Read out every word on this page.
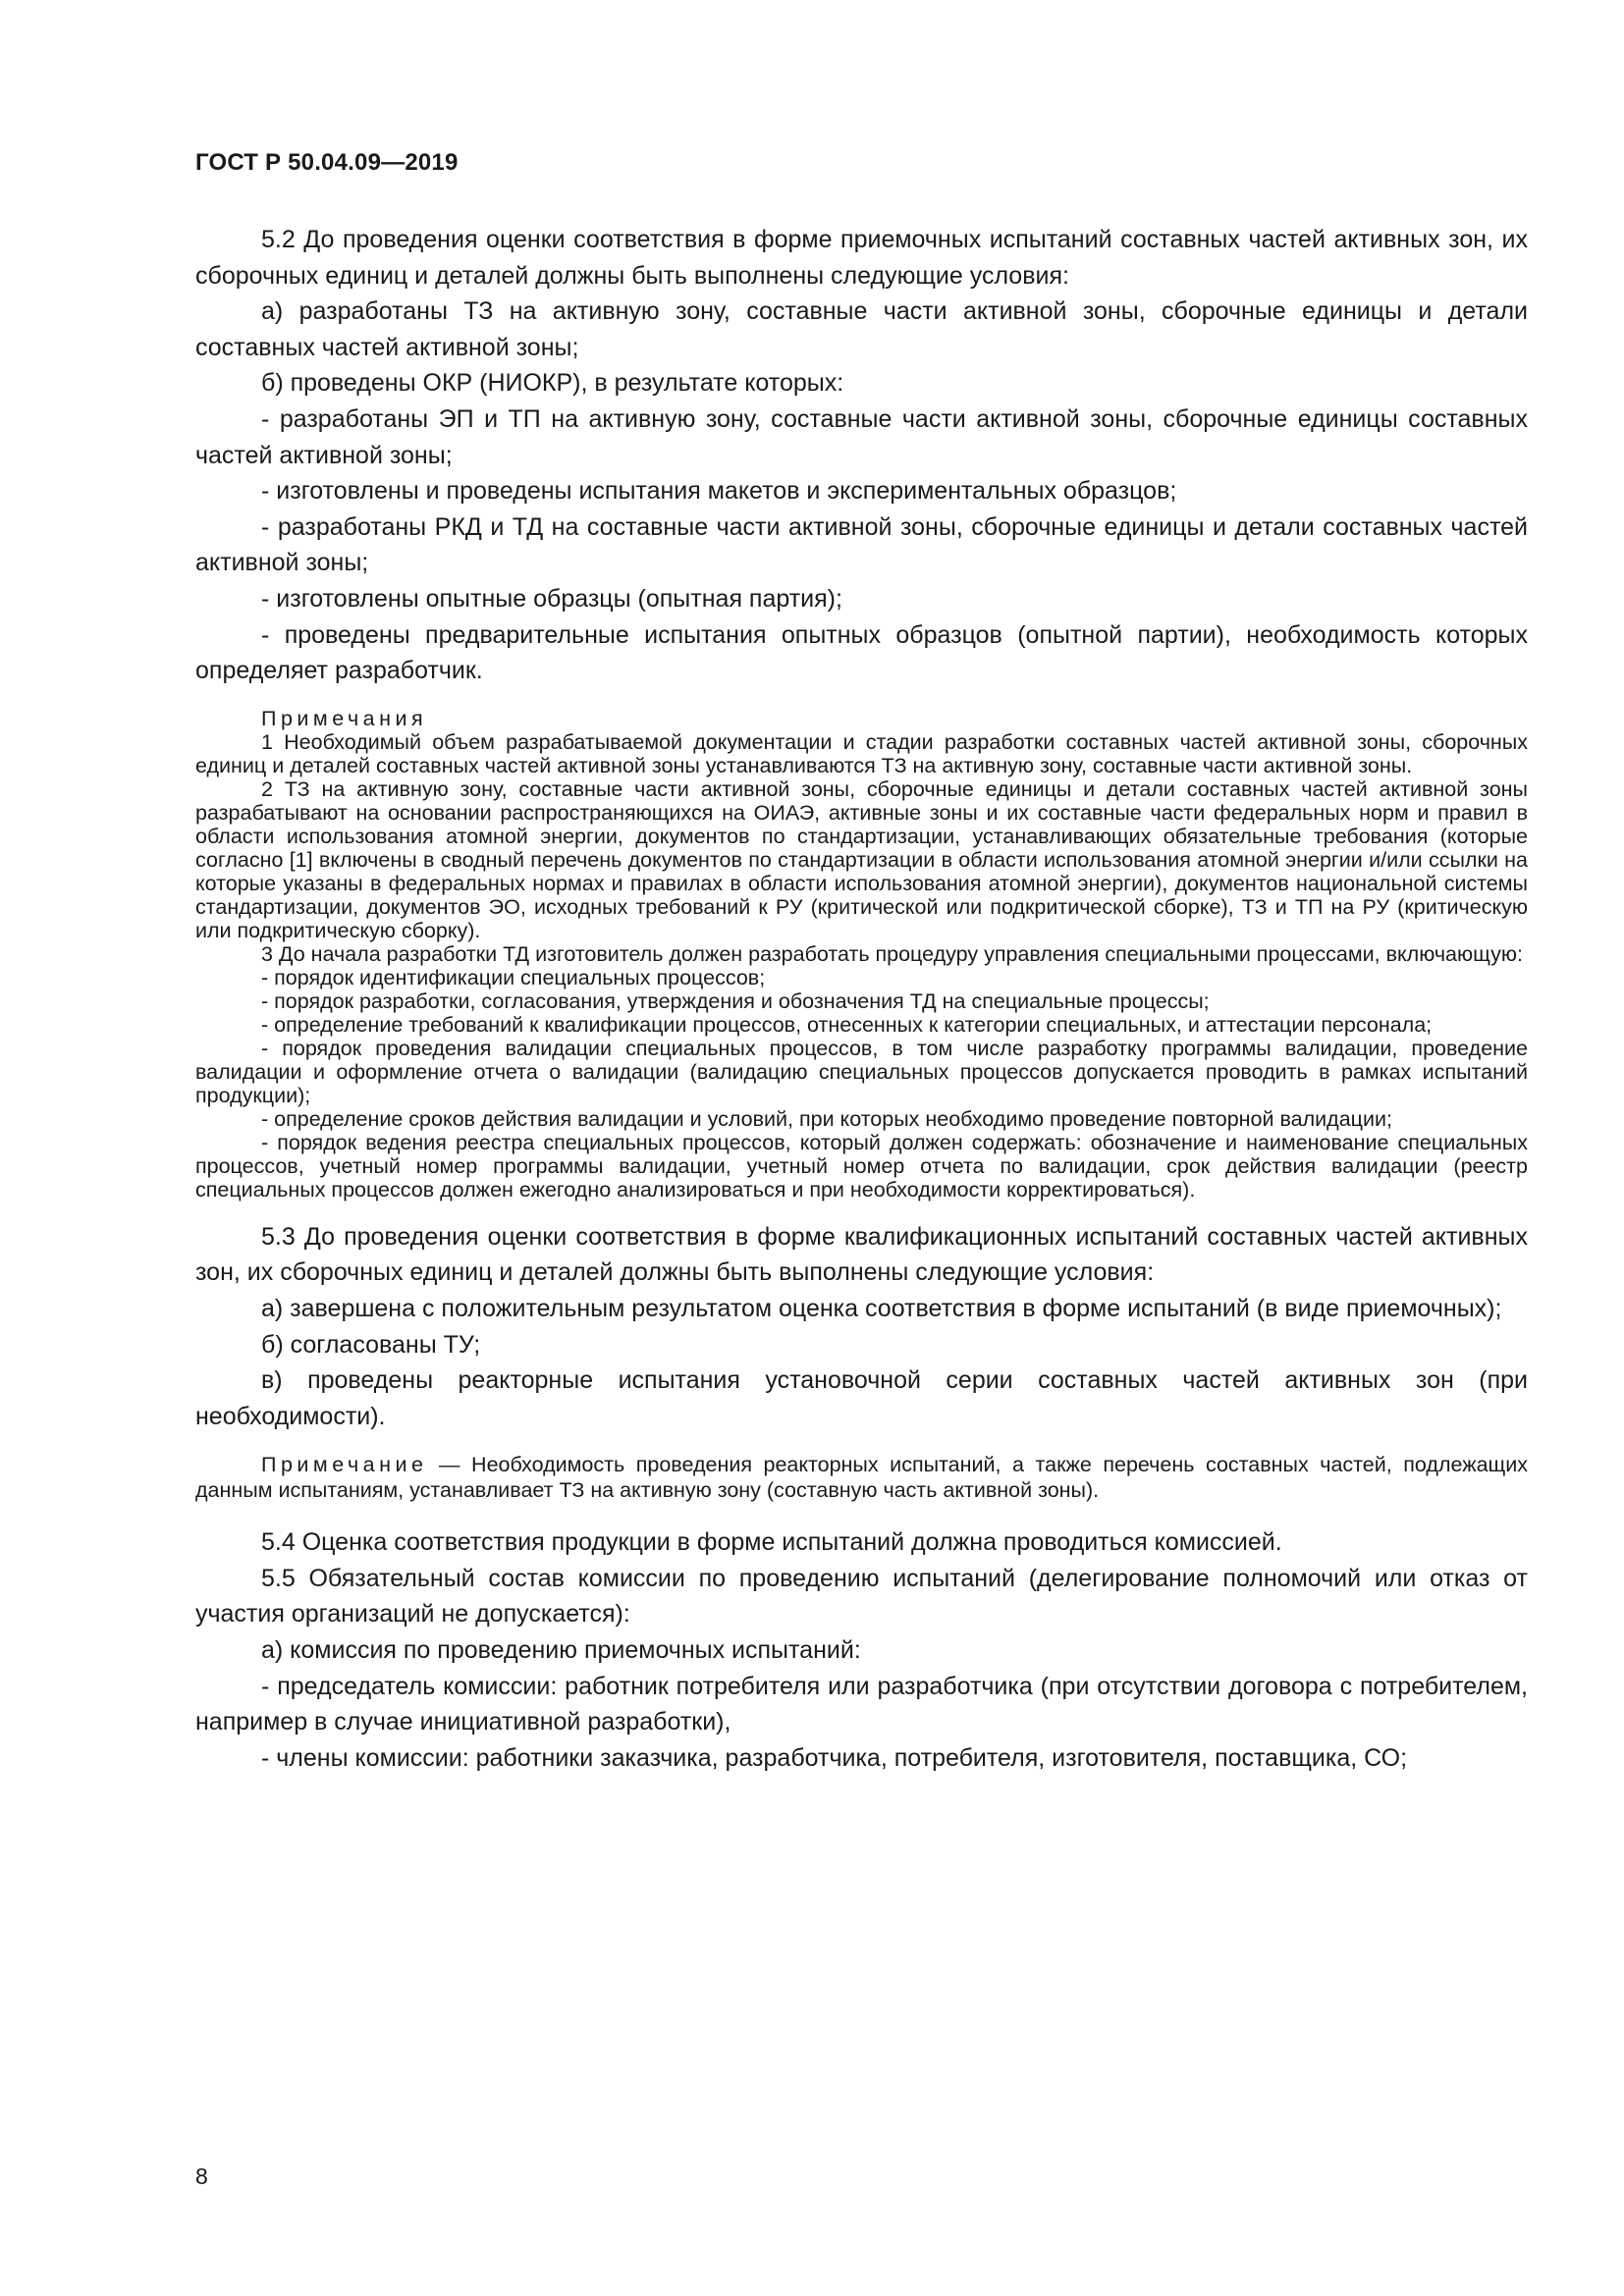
ГОСТ Р 50.04.09—2019

5.2 До проведения оценки соответствия в форме приемочных испытаний составных частей активных зон, их сборочных единиц и деталей должны быть выполнены следующие условия:

а) разработаны ТЗ на активную зону, составные части активной зоны, сборочные единицы и детали составных частей активной зоны;

б) проведены ОКР (НИОКР), в результате которых:

- разработаны ЭП и ТП на активную зону, составные части активной зоны, сборочные единицы составных частей активной зоны;

- изготовлены и проведены испытания макетов и экспериментальных образцов;

- разработаны РКД и ТД на составные части активной зоны, сборочные единицы и детали составных частей активной зоны;

- изготовлены опытные образцы (опытная партия);

- проведены предварительные испытания опытных образцов (опытной партии), необходимость которых определяет разработчик.

Примечания

1 Необходимый объем разрабатываемой документации и стадии разработки составных частей активной зоны, сборочных единиц и деталей составных частей активной зоны устанавливаются ТЗ на активную зону, составные части активной зоны.

2 ТЗ на активную зону, составные части активной зоны, сборочные единицы и детали составных частей активной зоны разрабатывают на основании распространяющихся на ОИАЭ, активные зоны и их составные части федеральных норм и правил в области использования атомной энергии, документов по стандартизации, устанавливающих обязательные требования (которые согласно [1] включены в сводный перечень документов по стандартизации в области использования атомной энергии и/или ссылки на которые указаны в федеральных нормах и правилах в области использования атомной энергии), документов национальной системы стандартизации, документов ЭО, исходных требований к РУ (критической или подкритической сборке), ТЗ и ТП на РУ (критическую или подкритическую сборку).

3 До начала разработки ТД изготовитель должен разработать процедуру управления специальными процессами, включающую:

- порядок идентификации специальных процессов;

- порядок разработки, согласования, утверждения и обозначения ТД на специальные процессы;

- определение требований к квалификации процессов, отнесенных к категории специальных, и аттестации персонала;

- порядок проведения валидации специальных процессов, в том числе разработку программы валидации, проведение валидации и оформление отчета о валидации (валидацию специальных процессов допускается проводить в рамках испытаний продукции);

- определение сроков действия валидации и условий, при которых необходимо проведение повторной валидации;

- порядок ведения реестра специальных процессов, который должен содержать: обозначение и наименование специальных процессов, учетный номер программы валидации, учетный номер отчета по валидации, срок действия валидации (реестр специальных процессов должен ежегодно анализироваться и при необходимости корректироваться).

5.3 До проведения оценки соответствия в форме квалификационных испытаний составных частей активных зон, их сборочных единиц и деталей должны быть выполнены следующие условия:

а) завершена с положительным результатом оценка соответствия в форме испытаний (в виде приемочных);

б) согласованы ТУ;

в) проведены реакторные испытания установочной серии составных частей активных зон (при необходимости).

Примечание — Необходимость проведения реакторных испытаний, а также перечень составных частей, подлежащих данным испытаниям, устанавливает ТЗ на активную зону (составную часть активной зоны).

5.4 Оценка соответствия продукции в форме испытаний должна проводиться комиссией.

5.5 Обязательный состав комиссии по проведению испытаний (делегирование полномочий или отказ от участия организаций не допускается):

а) комиссия по проведению приемочных испытаний:

- председатель комиссии: работник потребителя или разработчика (при отсутствии договора с потребителем, например в случае инициативной разработки),

- члены комиссии: работники заказчика, разработчика, потребителя, изготовителя, поставщика, СО;

8
